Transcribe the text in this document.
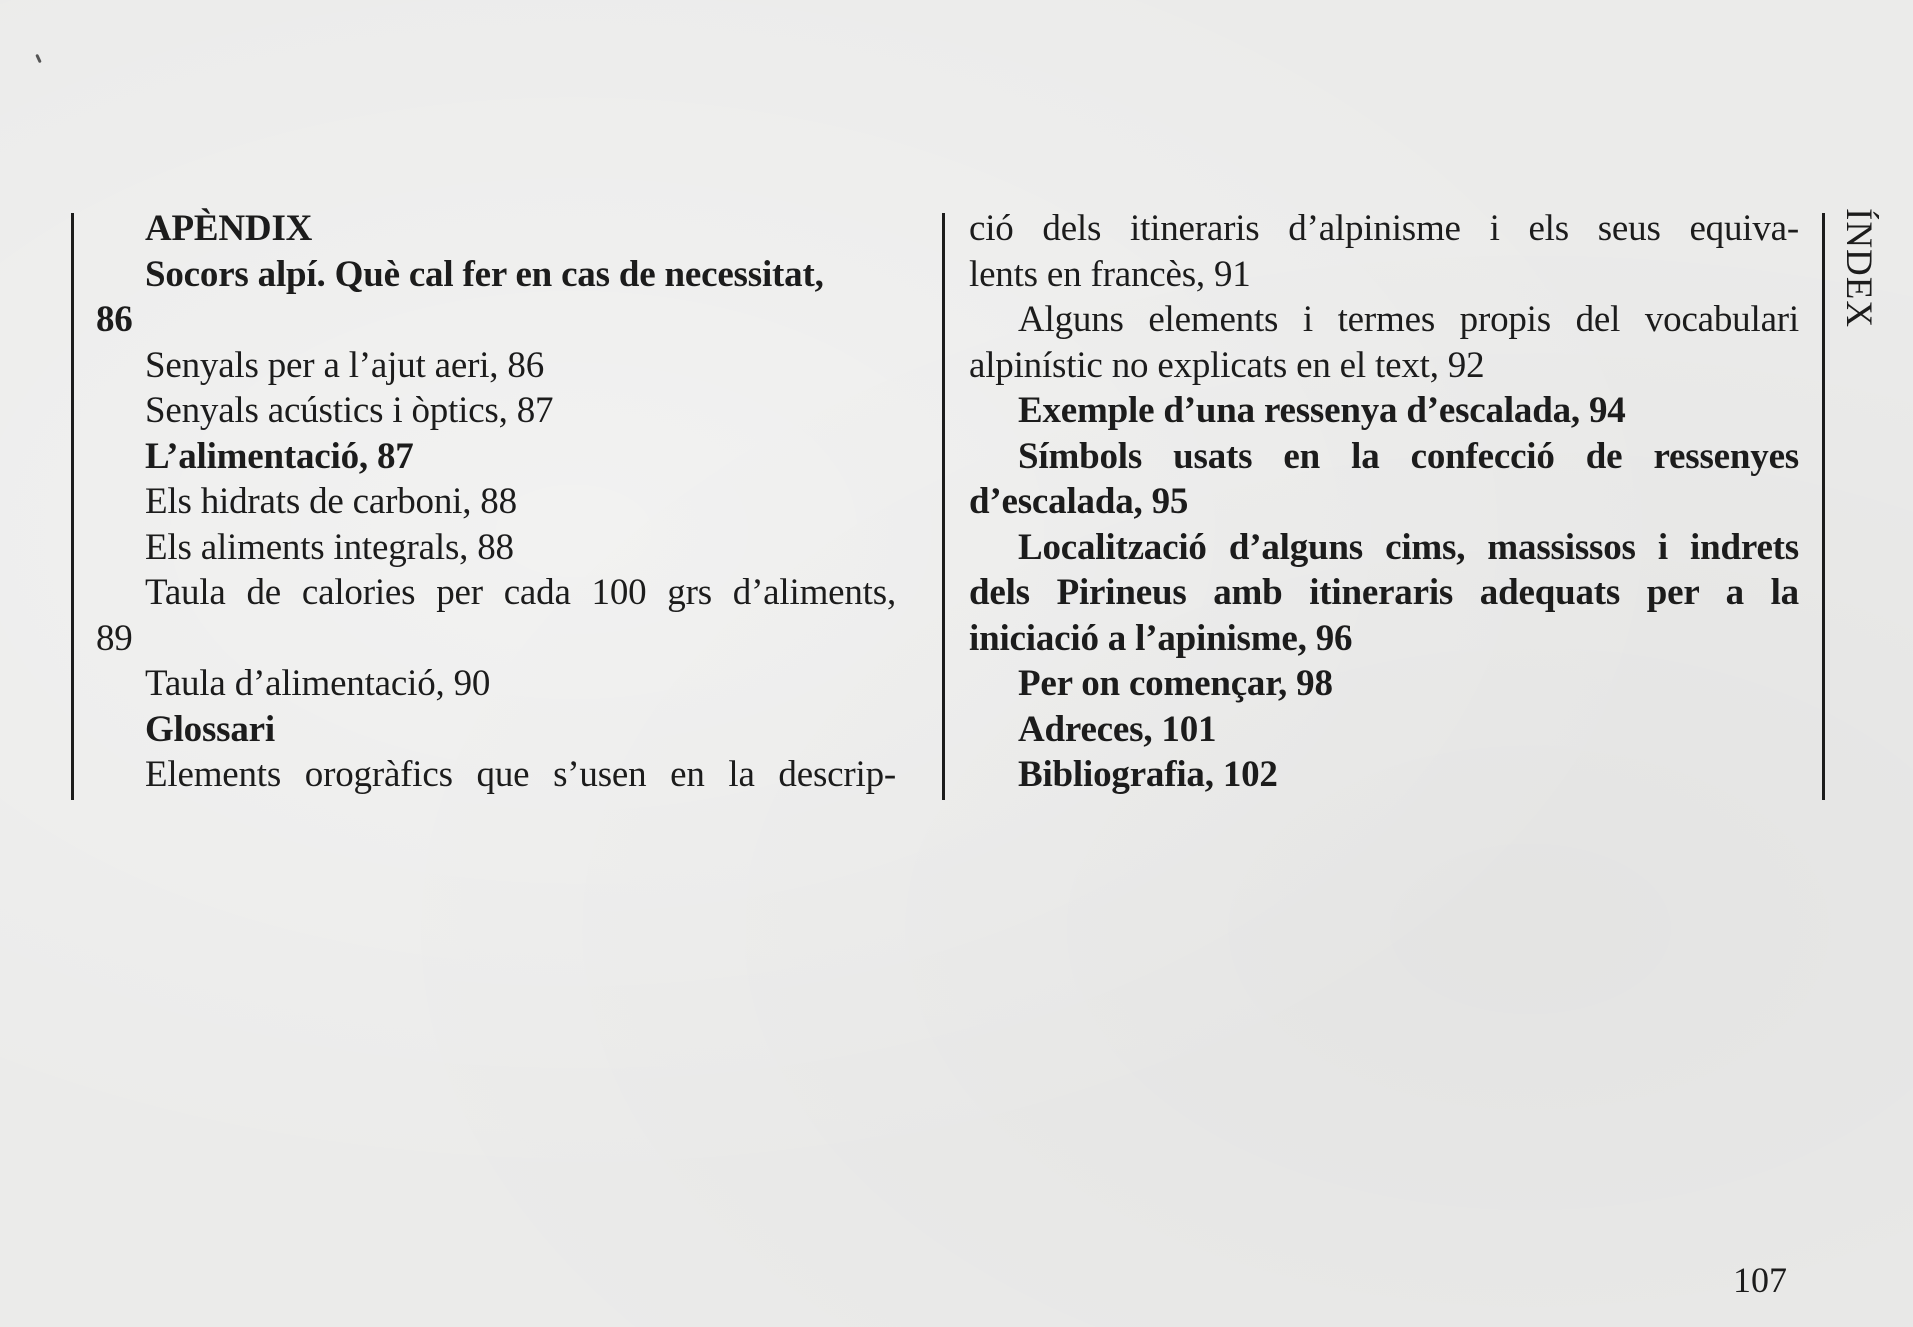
APÈNDIX
Socors alpí. Què cal fer en cas de necessitat,
86
Senyals per a l’ajut aeri, 86
Senyals acústics i òptics, 87
L’alimentació, 87
Els hidrats de carboni, 88
Els aliments integrals, 88
Taula de calories per cada 100 grs d’aliments,
89
Taula d’alimentació, 90
Glossari
Elements orogràfics que s’usen en la descrip-
ció dels itineraris d’alpinisme i els seus equiva-
lents en francès, 91
Alguns elements i termes propis del vocabulari
alpinístic no explicats en el text, 92
Exemple d’una ressenya d’escalada, 94
Símbols usats en la confecció de ressenyes
d’escalada, 95
Localització d’alguns cims, massissos i indrets
dels Pirineus amb itineraris adequats per a la
iniciació a l’apinisme, 96
Per on començar, 98
Adreces, 101
Bibliografia, 102
ÍNDEX
107
